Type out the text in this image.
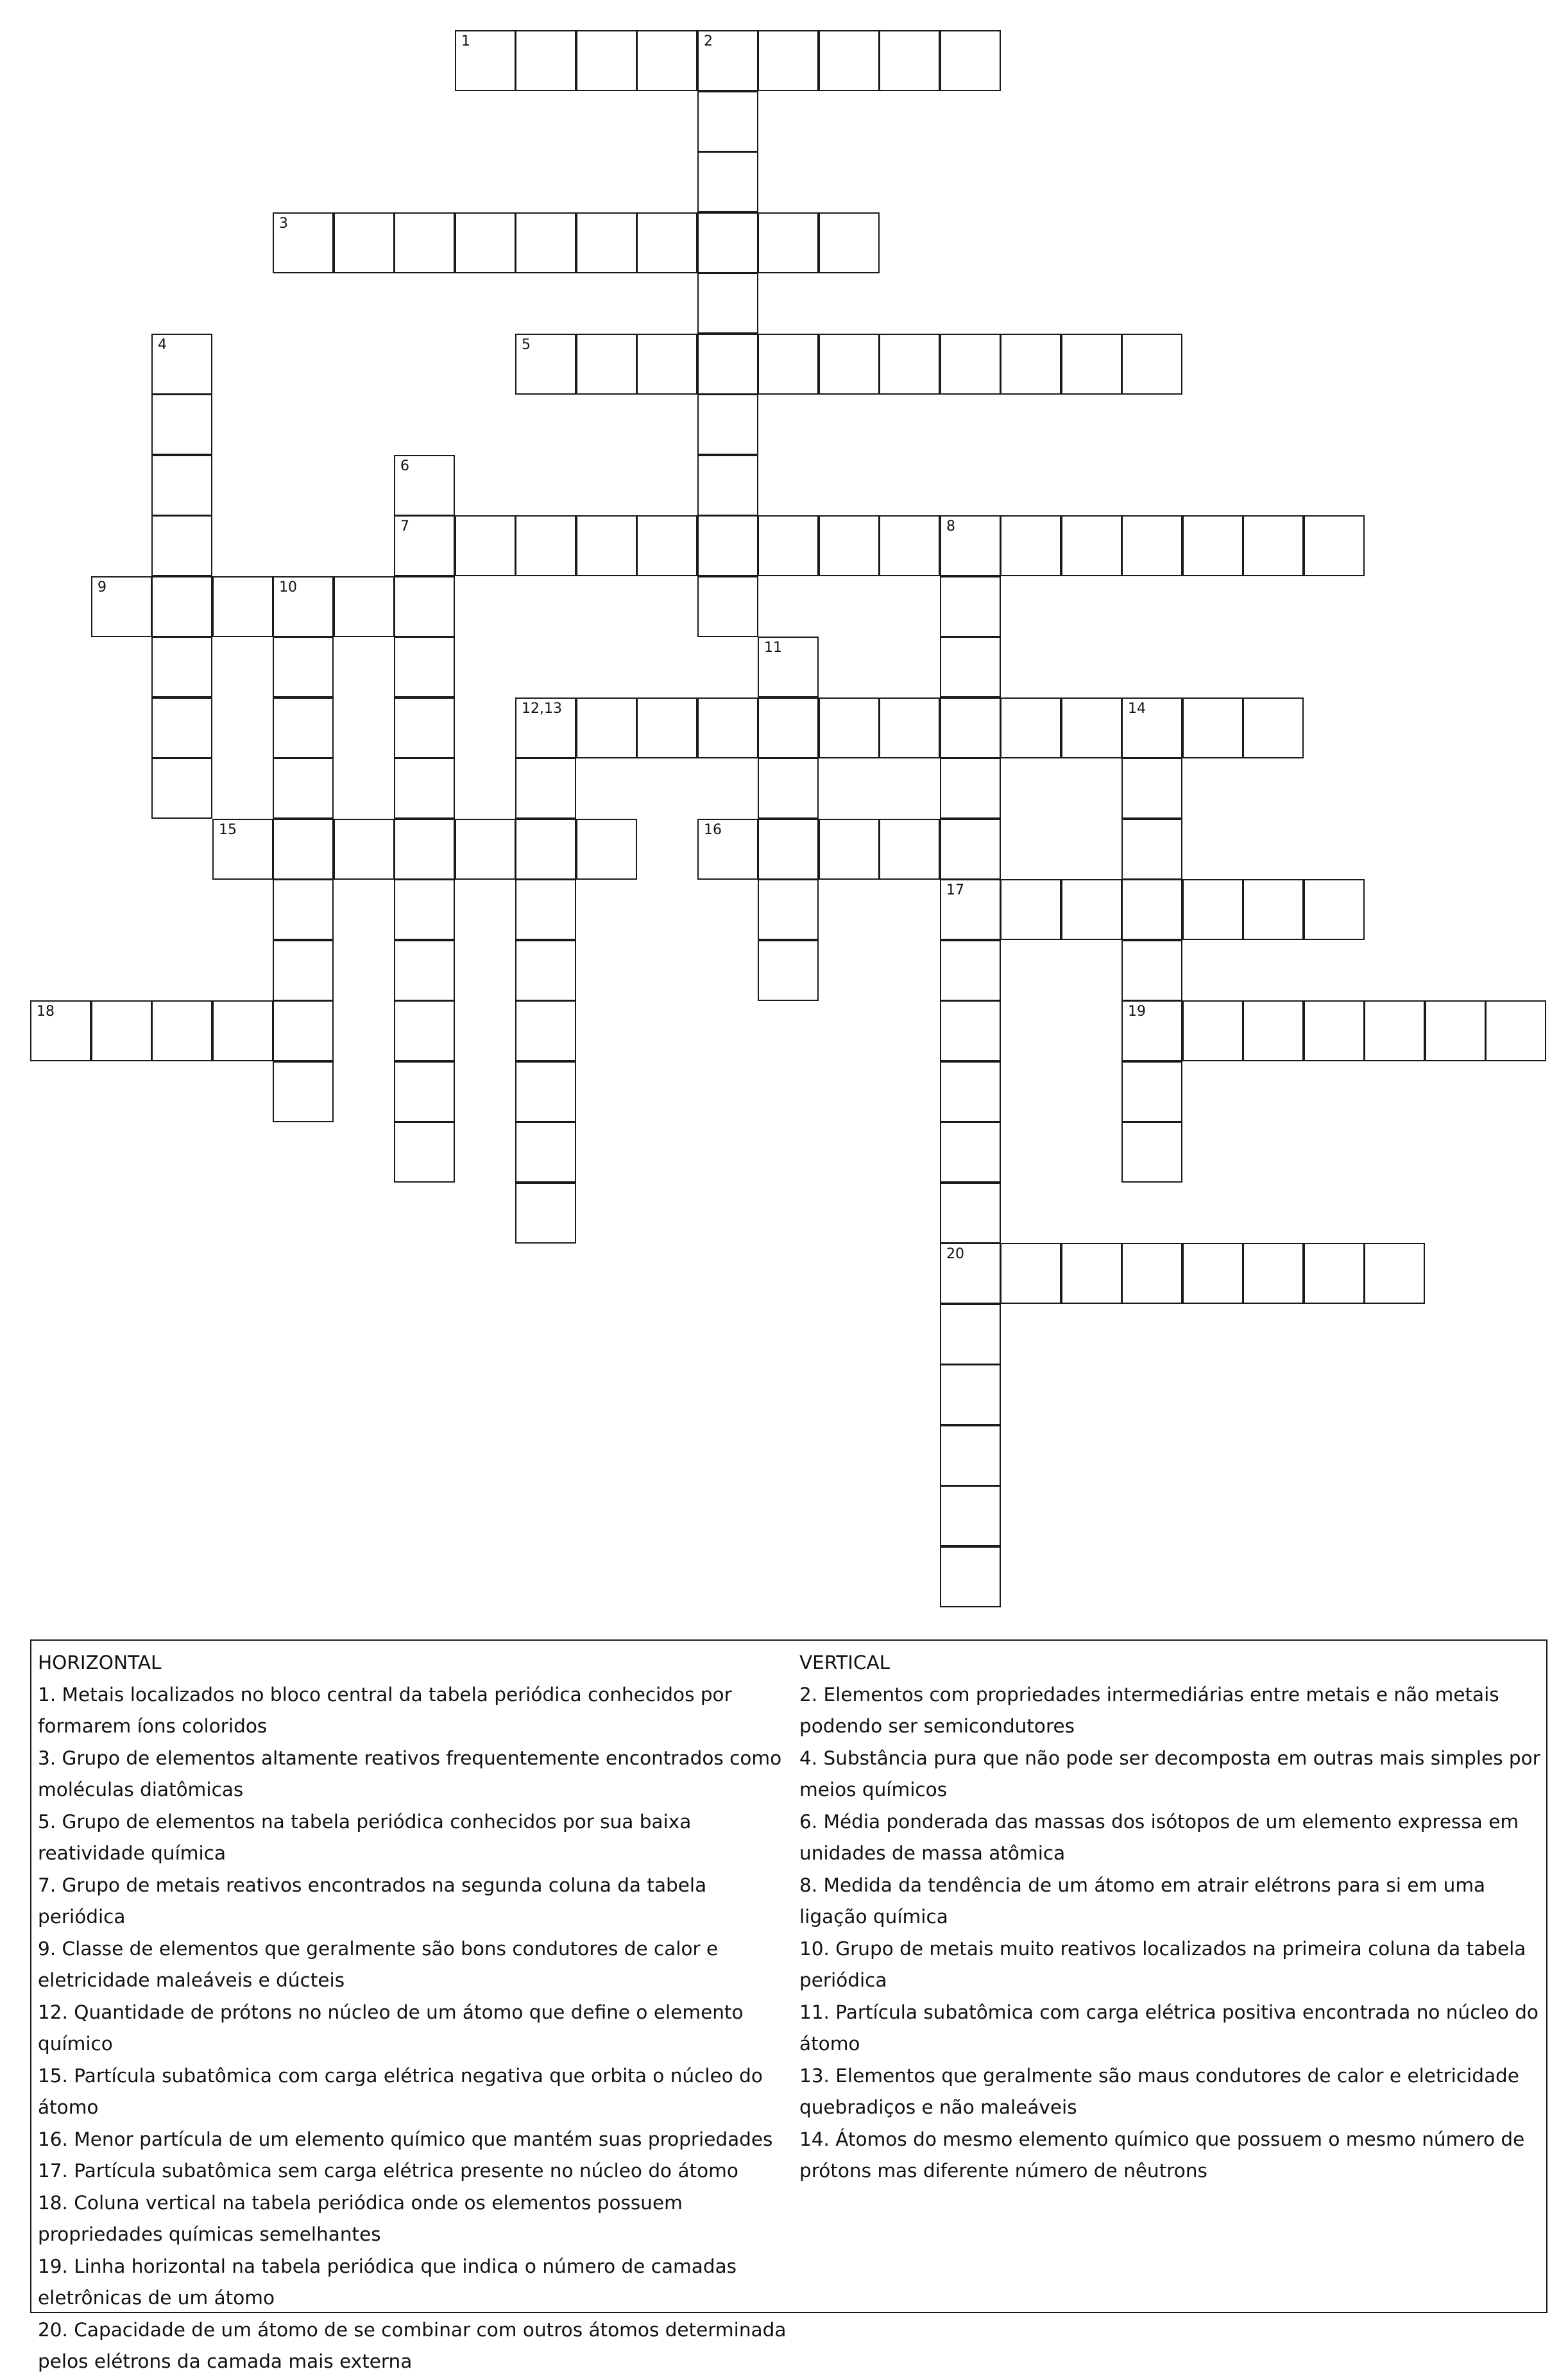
1	2
3
4	5
6
7	8
9	10
11
12,13	14
15	16
17
18	19
20
HORIZONTAL
1. Metais localizados no bloco central da tabela periódica conhecidos por formarem íons coloridos
3. Grupo de elementos altamente reativos frequentemente encontrados como moléculas diatômicas
5. Grupo de elementos na tabela periódica conhecidos por sua baixa reatividade química
7. Grupo de metais reativos encontrados na segunda coluna da tabela periódica
9. Classe de elementos que geralmente são bons condutores de calor e eletricidade maleáveis e dúcteis
12. Quantidade de prótons no núcleo de um átomo que define o elemento químico
15. Partícula subatômica com carga elétrica negativa que orbita o núcleo do átomo
16. Menor partícula de um elemento químico que mantém suas propriedades
17. Partícula subatômica sem carga elétrica presente no núcleo do átomo
18. Coluna vertical na tabela periódica onde os elementos possuem propriedades químicas semelhantes
19. Linha horizontal na tabela periódica que indica o número de camadas eletrônicas de um átomo
20. Capacidade de um átomo de se combinar com outros átomos determinada pelos elétrons da camada mais externa
VERTICAL
2. Elementos com propriedades intermediárias entre metais e não metais podendo ser semicondutores
4. Substância pura que não pode ser decomposta em outras mais simples por meios químicos
6. Média ponderada das massas dos isótopos de um elemento expressa em unidades de massa atômica
8. Medida da tendência de um átomo em atrair elétrons para si em uma ligação química
10. Grupo de metais muito reativos localizados na primeira coluna da tabela periódica
11. Partícula subatômica com carga elétrica positiva encontrada no núcleo do átomo
13. Elementos que geralmente são maus condutores de calor e eletricidade quebradiços e não maleáveis
14. Átomos do mesmo elemento químico que possuem o mesmo número de prótons mas diferente número de nêutrons
